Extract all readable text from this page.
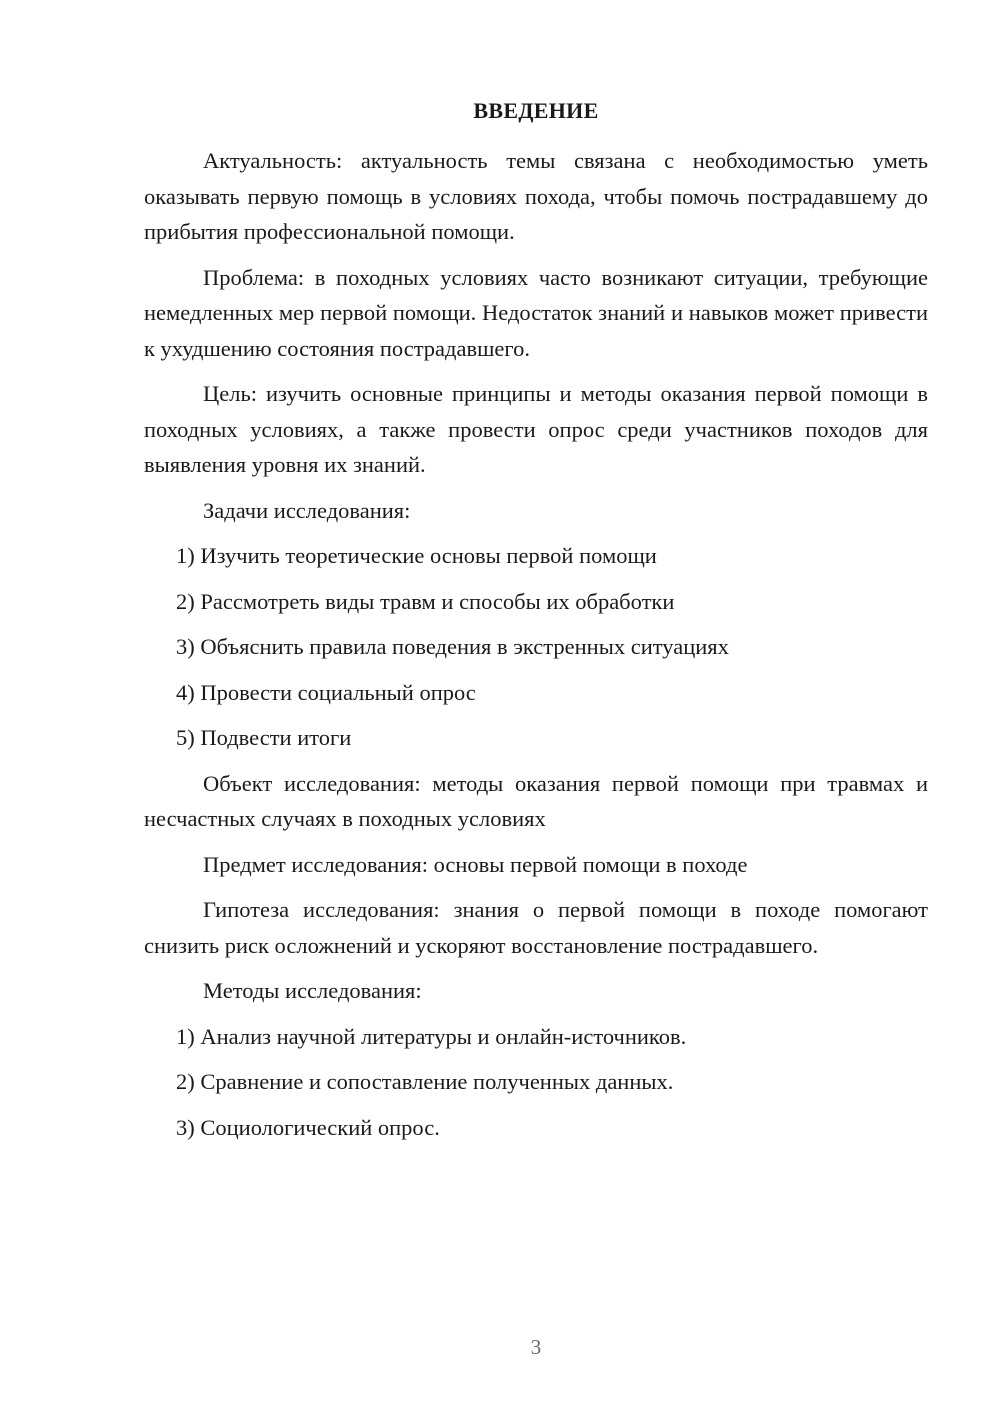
ВВЕДЕНИЕ

Актуальность: актуальность темы связана с необходимостью уметь оказывать первую помощь в условиях похода, чтобы помочь пострадавшему до прибытия профессиональной помощи.

Проблема: в походных условиях часто возникают ситуации, требующие немедленных мер первой помощи. Недостаток знаний и навыков может привести к ухудшению состояния пострадавшего.

Цель: изучить основные принципы и методы оказания первой помощи в походных условиях, а также провести опрос среди участников походов для выявления уровня их знаний.

Задачи исследования:

1) Изучить теоретические основы первой помощи
2) Рассмотреть виды травм и способы их обработки
3) Объяснить правила поведения в экстренных ситуациях
4) Провести социальный опрос
5) Подвести итоги

Объект исследования: методы оказания первой помощи при травмах и несчастных случаях в походных условиях

Предмет исследования: основы первой помощи в походе

Гипотеза исследования: знания о первой помощи в походе помогают снизить риск осложнений и ускоряют восстановление пострадавшего.

Методы исследования:

1) Анализ научной литературы и онлайн-источников.
2) Сравнение и сопоставление полученных данных.
3) Социологический опрос.
3
